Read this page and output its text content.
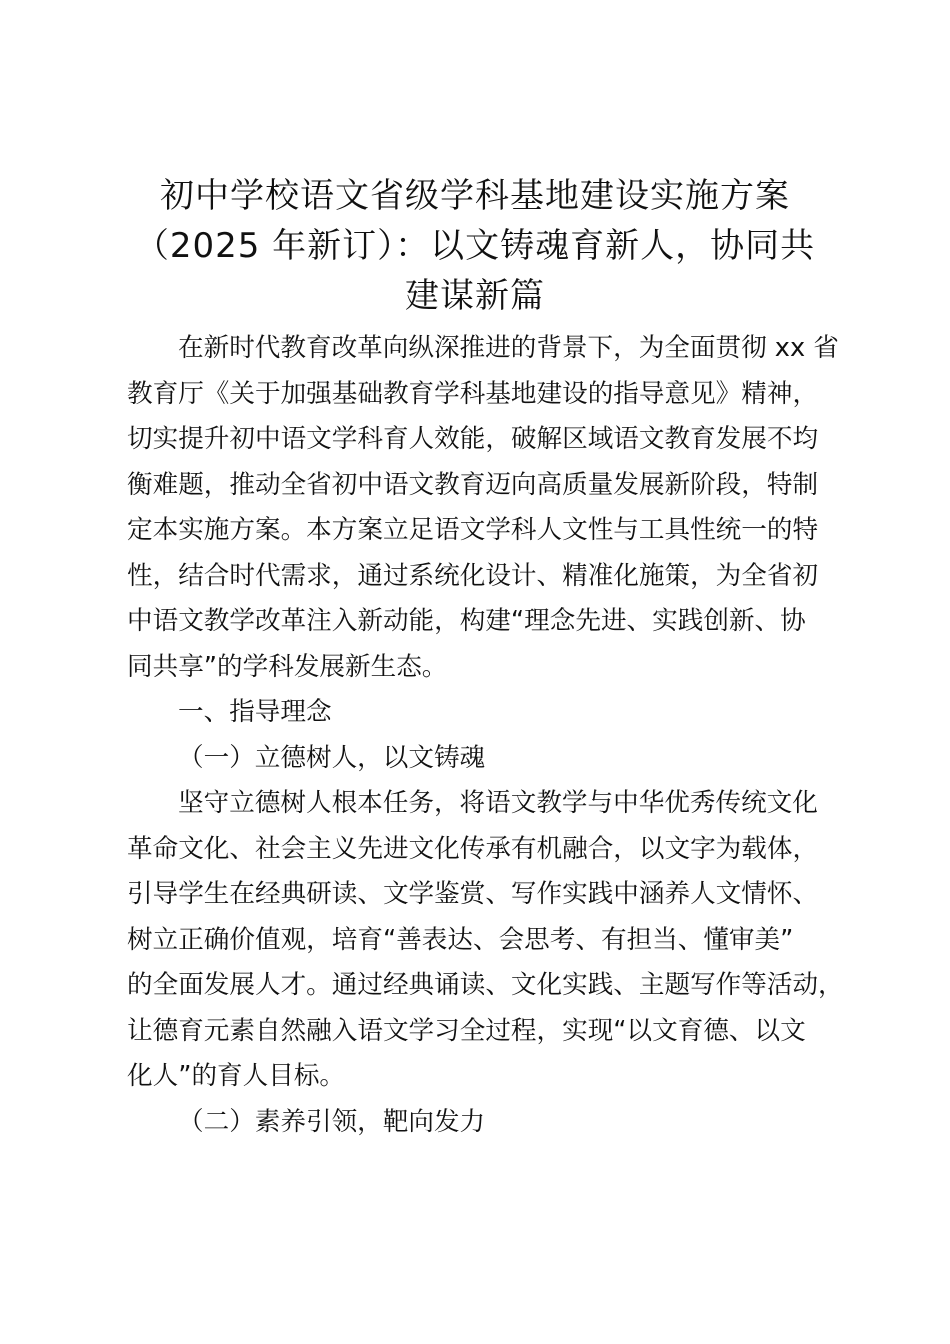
初中学校语文省级学科基地建设实施方案
（2025 年新订）：以文铸魂育新人，协同共
建谋新篇
在新时代教育改革向纵深推进的背景下，为全面贯彻 xx 省
教育厅《关于加强基础教育学科基地建设的指导意见》精神，
切实提升初中语文学科育人效能，破解区域语文教育发展不均
衡难题，推动全省初中语文教育迈向高质量发展新阶段，特制
定本实施方案。本方案立足语文学科人文性与工具性统一的特
性，结合时代需求，通过系统化设计、精准化施策，为全省初
中语文教学改革注入新动能，构建“理念先进、实践创新、协
同共享”的学科发展新生态。
一、指导理念
（一）立德树人，以文铸魂
坚守立德树人根本任务，将语文教学与中华优秀传统文化
革命文化、社会主义先进文化传承有机融合，以文字为载体，
引导学生在经典研读、文学鉴赏、写作实践中涵养人文情怀、
树立正确价值观，培育“善表达、会思考、有担当、懂审美”
的全面发展人才。通过经典诵读、文化实践、主题写作等活动，
让德育元素自然融入语文学习全过程，实现“以文育德、以文
化人”的育人目标。
（二）素养引领，靶向发力
